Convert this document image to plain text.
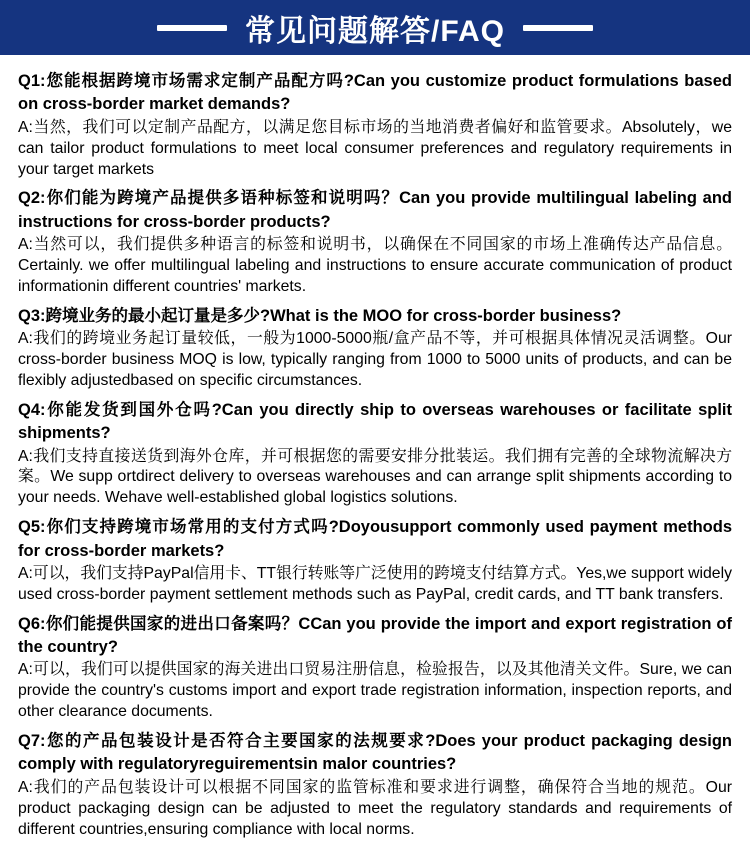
常见问题解答/FAQ

Q1:您能根据跨境市场需求定制产品配方吗?Can you customize product formulations based on cross-border market demands?

A:当然，我们可以定制产品配方，以满足您目标市场的当地消费者偏好和监管要求。Absolutely，we can tailor product formulations to meet local consumer preferences and regulatory requirements in your target markets

Q2:你们能为跨境产品提供多语种标签和说明吗？Can you provide multilingual labeling and instructions for cross-border products?

A:当然可以，我们提供多种语言的标签和说明书，以确保在不同国家的市场上准确传达产品信息。Certainly. we offer multilingual labeling and instructions to ensure accurate communication of product informationin different countries' markets.

Q3:跨境业务的最小起订量是多少?What is the MOO for cross-border business?

A:我们的跨境业务起订量较低，一般为1000-5000瓶/盒产品不等，并可根据具体情况灵活调整。Our cross-border business MOQ is low, typically ranging from 1000 to 5000 units of products, and can be flexibly adjustedbased on specific circumstances.

Q4:你能发货到国外仓吗?Can you directly ship to overseas warehouses or facilitate split shipments?

A:我们支持直接送货到海外仓库，并可根据您的需要安排分批装运。我们拥有完善的全球物流解决方案。We supp ortdirect delivery to overseas warehouses and can arrange split shipments according to your needs. Wehave well-established global logistics solutions.

Q5:你们支持跨境市场常用的支付方式吗?Doyousupport commonly used payment methods for cross-border markets?

A:可以，我们支持PayPal信用卡、TT银行转账等广泛使用的跨境支付结算方式。Yes,we support widely used cross-border payment settlement methods such as PayPal, credit cards, and TT bank transfers.

Q6:你们能提供国家的进出口备案吗？CCan you provide the import and export registration of the country?

A:可以，我们可以提供国家的海关进出口贸易注册信息，检验报告，以及其他清关文件。Sure, we can provide the country's customs import and export trade registration information, inspection reports, and other clearance documents.

Q7:您的产品包装设计是否符合主要国家的法规要求?Does your product packaging design comply with regulatoryreguirementsin malor countries?

A:我们的产品包装设计可以根据不同国家的监管标准和要求进行调整，确保符合当地的规范。Our product packaging design can be adjusted to meet the regulatory standards and requirements of different countries,ensuring compliance with local norms.
